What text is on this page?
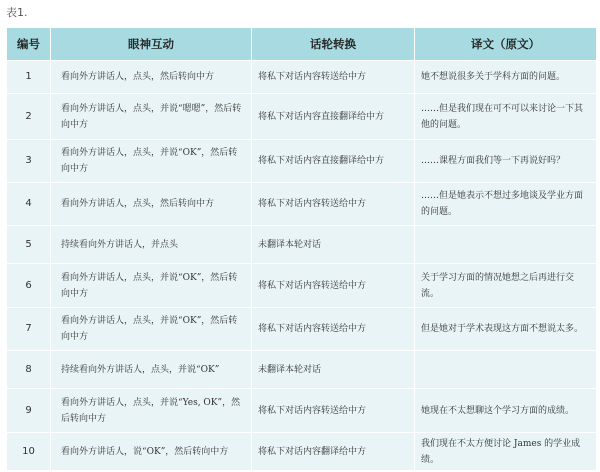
表1.
编号	眼神互动	话轮转换	译文（原文）
1	看向外方讲话人，点头，然后转向中方	将私下对话内容转送给中方	她不想说很多关于学科方面的问题。
2	看向外方讲话人，点头，并说“嗯嗯”，然后转向中方	将私下对话内容直接翻译给中方	……但是我们现在可不可以来讨论一下其他的问题。
3	看向外方讲话人，点头，并说“OK”，然后转向中方	将私下对话内容直接翻译给中方	……课程方面我们等一下再说好吗？
4	看向外方讲话人，点头，然后转向中方	将私下对话内容转送给中方	……但是她表示不想过多地谈及学业方面的问题。
5	持续看向外方讲话人，并点头	未翻译本轮对话	
6	看向外方讲话人，点头，并说“OK”，然后转向中方	将私下对话内容转送给中方	关于学习方面的情况她想之后再进行交流。
7	看向外方讲话人，点头，并说“OK”，然后转向中方	将私下对话内容转送给中方	但是她对于学术表现这方面不想说太多。
8	持续看向外方讲话人，点头，并说“OK”	未翻译本轮对话	
9	看向外方讲话人，点头，并说“Yes, OK”，然后转向中方	将私下对话内容转送给中方	她现在不太想聊这个学习方面的成绩。
10	看向外方讲话人，说“OK”，然后转向中方	将私下对话内容翻译给中方	我们现在不太方便讨论 James 的学业成绩。
